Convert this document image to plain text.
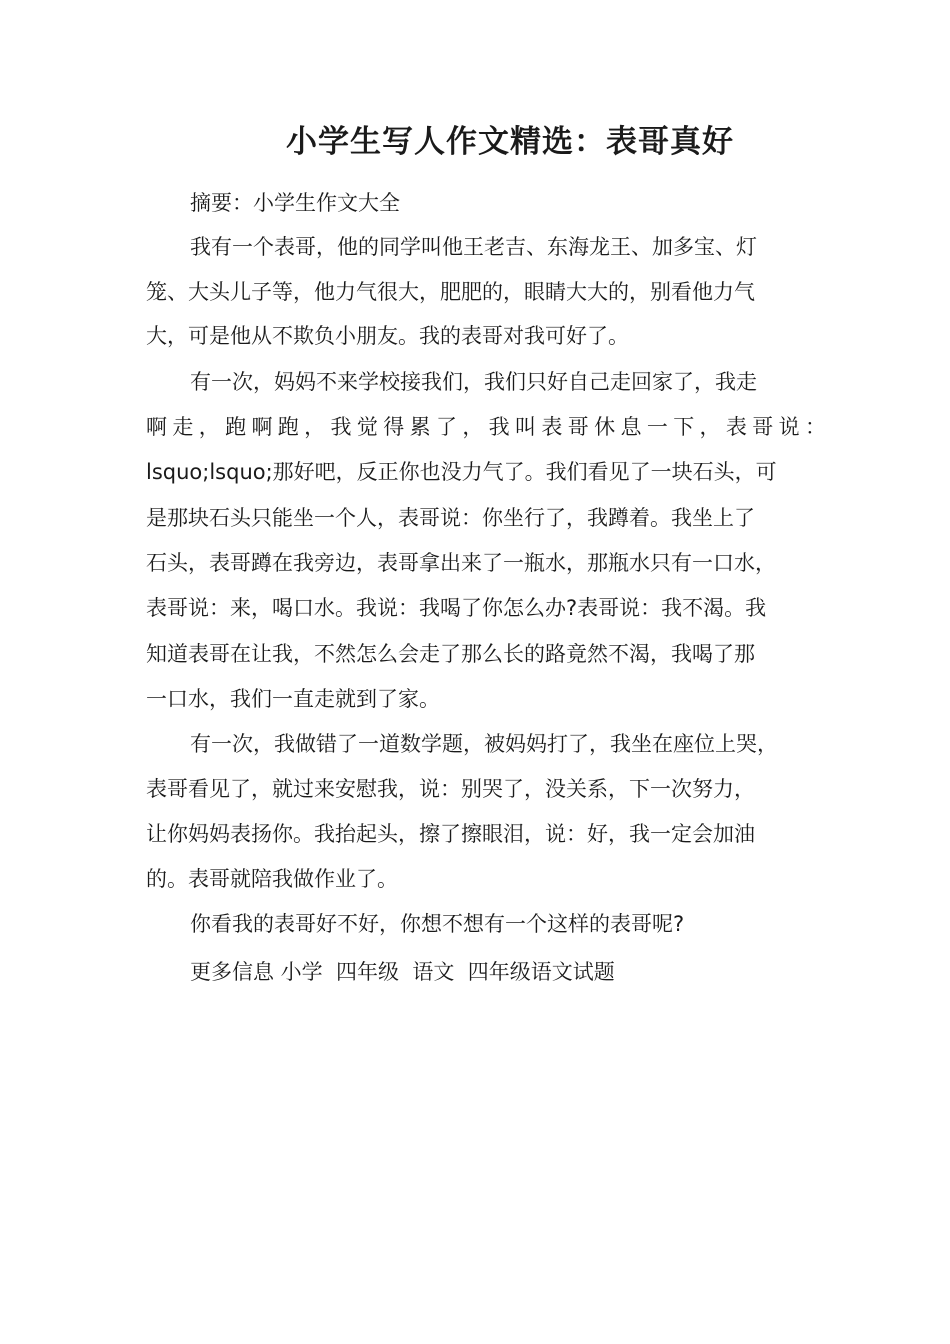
小学生写人作文精选：表哥真好

摘要：小学生作文大全

我有一个表哥，他的同学叫他王老吉、东海龙王、加多宝、灯

笼、大头儿子等，他力气很大，肥肥的，眼睛大大的，别看他力气

大，可是他从不欺负小朋友。我的表哥对我可好了。

有一次，妈妈不来学校接我们，我们只好自己走回家了，我走

啊走，跑啊跑，我觉得累了，我叫表哥休息一下，表哥说：

lsquo;lsquo;那好吧，反正你也没力气了。我们看见了一块石头，可

是那块石头只能坐一个人，表哥说：你坐行了，我蹲着。我坐上了

石头，表哥蹲在我旁边，表哥拿出来了一瓶水，那瓶水只有一口水，

表哥说：来，喝口水。我说：我喝了你怎么办?表哥说：我不渴。我

知道表哥在让我，不然怎么会走了那么长的路竟然不渴，我喝了那

一口水，我们一直走就到了家。

有一次，我做错了一道数学题，被妈妈打了，我坐在座位上哭，

表哥看见了，就过来安慰我，说：别哭了，没关系，下一次努力，

让你妈妈表扬你。我抬起头，擦了擦眼泪，说：好，我一定会加油

的。表哥就陪我做作业了。

你看我的表哥好不好，你想不想有一个这样的表哥呢?

更多信息 小学  四年级  语文  四年级语文试题
